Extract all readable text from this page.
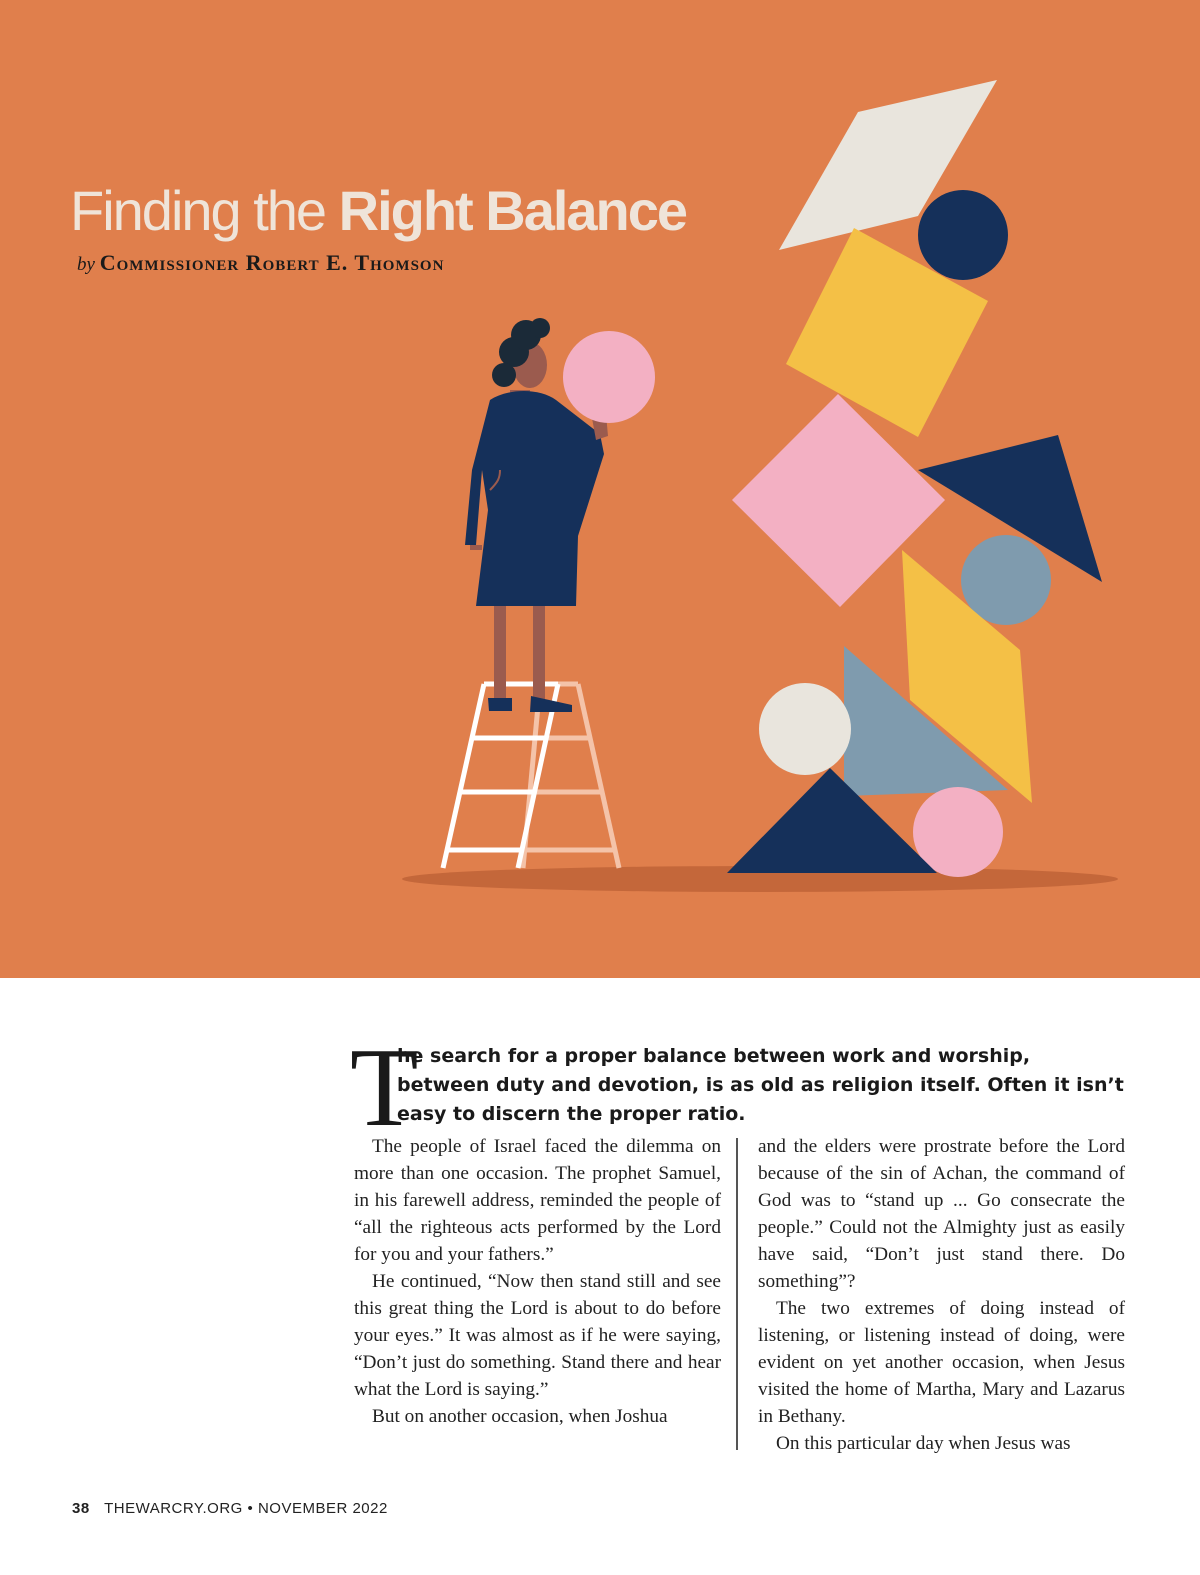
Finding the Right Balance
by Commissioner Robert E. Thomson
T
he search for a proper balance between work and worship, between duty and devotion, is as old as religion itself. Often it isn’t easy to discern the proper ratio.

The people of Israel faced the dilemma on more than one occasion. The prophet Samuel, in his farewell address, reminded the people of “all the righteous acts performed by the Lord for you and your fathers.”

He continued, “Now then stand still and see this great thing the Lord is about to do before your eyes.” It was almost as if he were saying, “Don’t just do something. Stand there and hear what the Lord is saying.”

But on another occasion, when Joshua

and the elders were prostrate before the Lord because of the sin of Achan, the command of God was to “stand up ... Go consecrate the people.” Could not the Almighty just as easily have said, “Don’t just stand there. Do something”?

The two extremes of doing instead of listening, or listening instead of doing, were evident on yet another occasion, when Jesus visited the home of Martha, Mary and Lazarus in Bethany.

On this particular day when Jesus was

38 THEWARCRY.ORG • NOVEMBER 2022
